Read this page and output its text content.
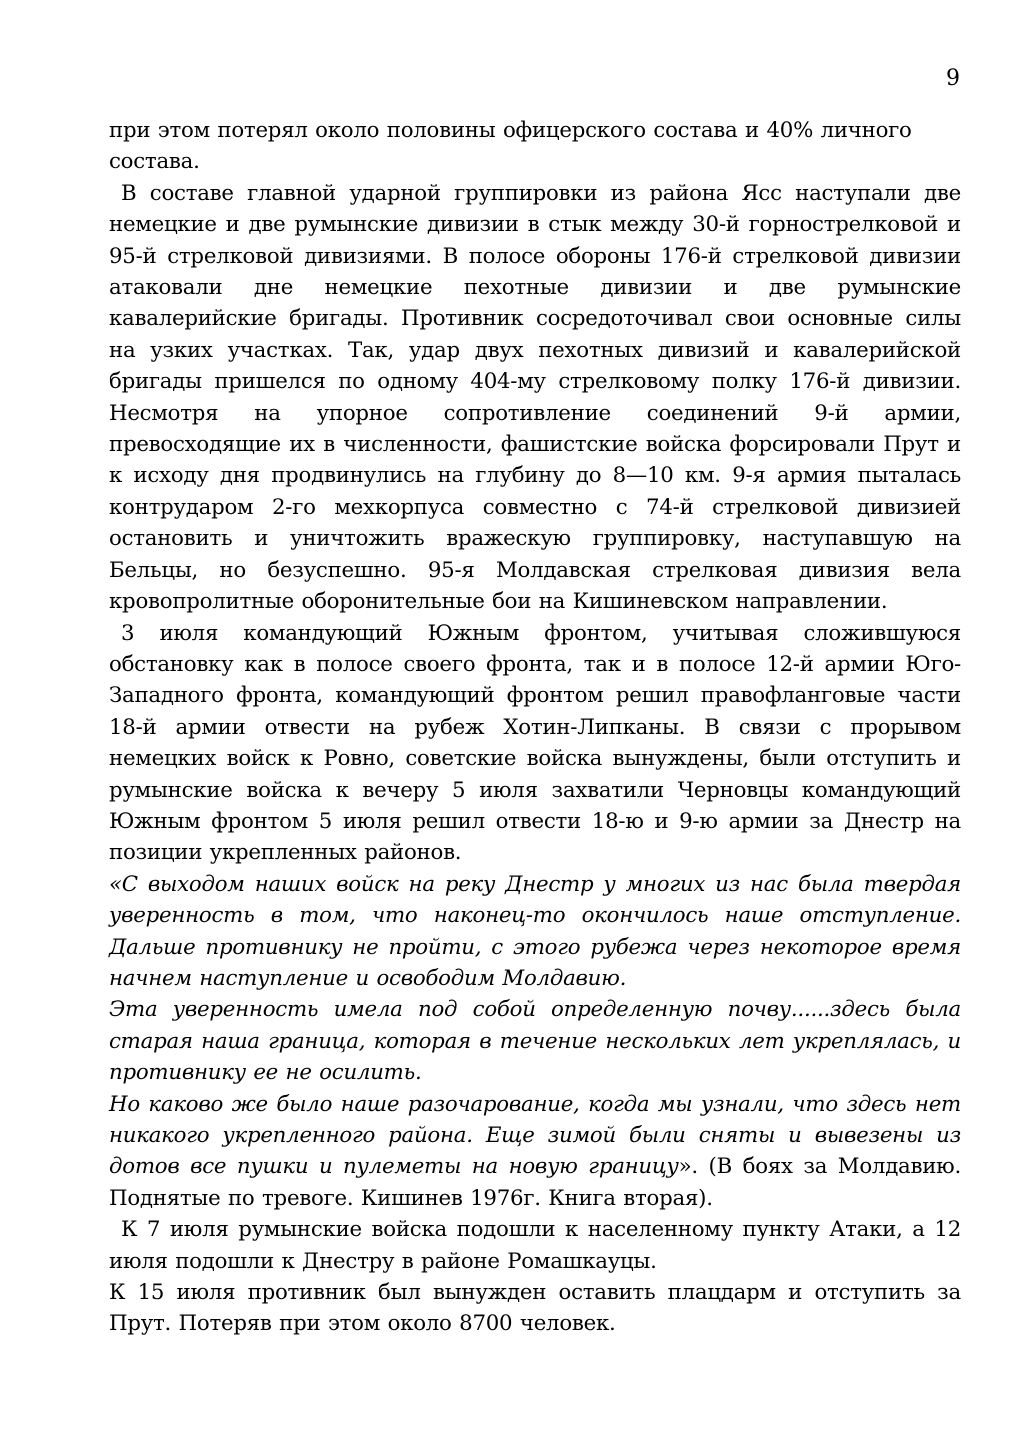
9

при этом потерял около половины офицерского состава и 40% личного состава.

В составе главной ударной группировки из района Ясс наступали две немецкие и две румынские дивизии в стык между 30-й горнострелковой и 95-й стрелковой дивизиями. В полосе обороны 176-й стрелковой дивизии атаковали дне немецкие пехотные дивизии и две румынские кавалерийские бригады. Противник сосредоточивал свои основные силы на узких участках. Так, удар двух пехотных дивизий и кавалерийской бригады пришелся по одному 404-му стрелковому полку 176-й дивизии. Несмотря на упорное сопротивление соединений 9-й армии, превосходящие их в численности, фашистские войска форсировали Прут и к исходу дня продвинулись на глубину до 8—10 км. 9-я армия пыталась контрударом 2-го мехкорпуса совместно с 74-й стрелковой дивизией остановить и уничтожить вражескую группировку, наступавшую на Бельцы, но безуспешно. 95-я Молдавская стрелковая дивизия вела кровопролитные оборонительные бои на Кишиневском направлении.

3 июля командующий Южным фронтом, учитывая сложившуюся обстановку как в полосе своего фронта, так и в полосе 12-й армии Юго-Западного фронта, командующий фронтом решил правофланговые части 18-й армии отвести на рубеж Хотин-Липканы. В связи с прорывом немецких войск к Ровно, советские войска вынуждены, были отступить и румынские войска к вечеру 5 июля захватили Черновцы командующий Южным фронтом 5 июля решил отвести 18-ю и 9-ю армии за Днестр на позиции укрепленных районов.

«С выходом наших войск на реку Днестр у многих из нас была твердая уверенность в том, что наконец-то окончилось наше отступление. Дальше противнику не пройти, с этого рубежа через некоторое время начнем наступление и освободим Молдавию.

Эта уверенность имела под собой определенную почву......здесь была старая наша граница, которая в течение нескольких лет укреплялась, и противнику ее не осилить.

Но каково же было наше разочарование, когда мы узнали, что здесь нет никакого укрепленного района. Еще зимой были сняты и вывезены из дотов все пушки и пулеметы на новую границу». (В боях за Молдавию. Поднятые по тревоге. Кишинев 1976г. Книга вторая).

К 7 июля румынские войска подошли к населенному пункту Атаки, а 12 июля подошли к Днестру в районе Ромашкауцы.

К 15 июля противник был вынужден оставить плацдарм и отступить за Прут. Потеряв при этом около 8700 человек.
